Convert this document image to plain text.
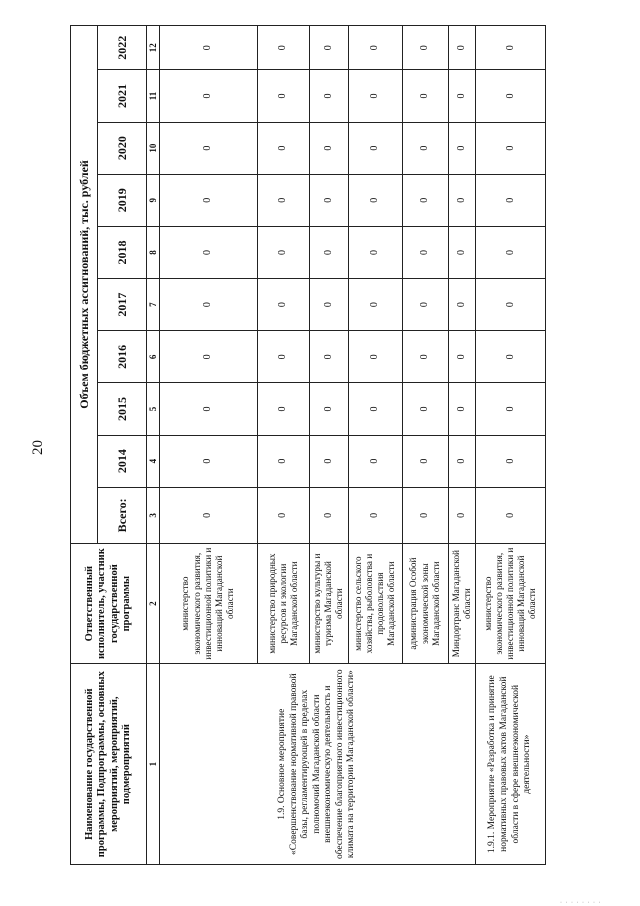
20
Наименование государственной программы, Подпрограммы, основных мероприятий, мероприятий, подмероприятий	Ответственный исполнитель, участник государственной программы	Объем бюджетных ассигнований, тыс. рублей									
		Всего:	2014	2015	2016	2017	2018	2019	2020	2021	2022
1	2	3	4	5	6	7	8	9	10	11	12
1.9. Основное мероприятие «Совершенствование нормативной правовой базы, регламентирующей в пределах полномочий Магаданской области внешнеэкономическую деятельность и обеспечение благоприятного инвестиционного климата на территории Магаданской области»	министерство экономического развития, инвестиционной политики и инноваций Магаданской области	0	0	0	0	0	0	0	0	0	0
	министерство природных ресурсов и экологии Магаданской области	0	0	0	0	0	0	0	0	0	0
	министерство культуры и туризма Магаданской области	0	0	0	0	0	0	0	0	0	0
	министерство сельского хозяйства, рыболовства и продовольствия Магаданской области	0	0	0	0	0	0	0	0	0	0
	администрация Особой экономической зоны Магаданской области	0	0	0	0	0	0	0	0	0	0
	Миндортранс Магаданской области	0	0	0	0	0	0	0	0	0	0
1.9.1. Мероприятие «Разработка и принятие нормативных правовых актов Магаданской области в сфере внешнеэкономической деятельности»	министерство экономического развития, инвестиционной политики и инноваций Магаданской области	0	0	0	0	0	0	0	0	0	0
· · · · · · · ·
